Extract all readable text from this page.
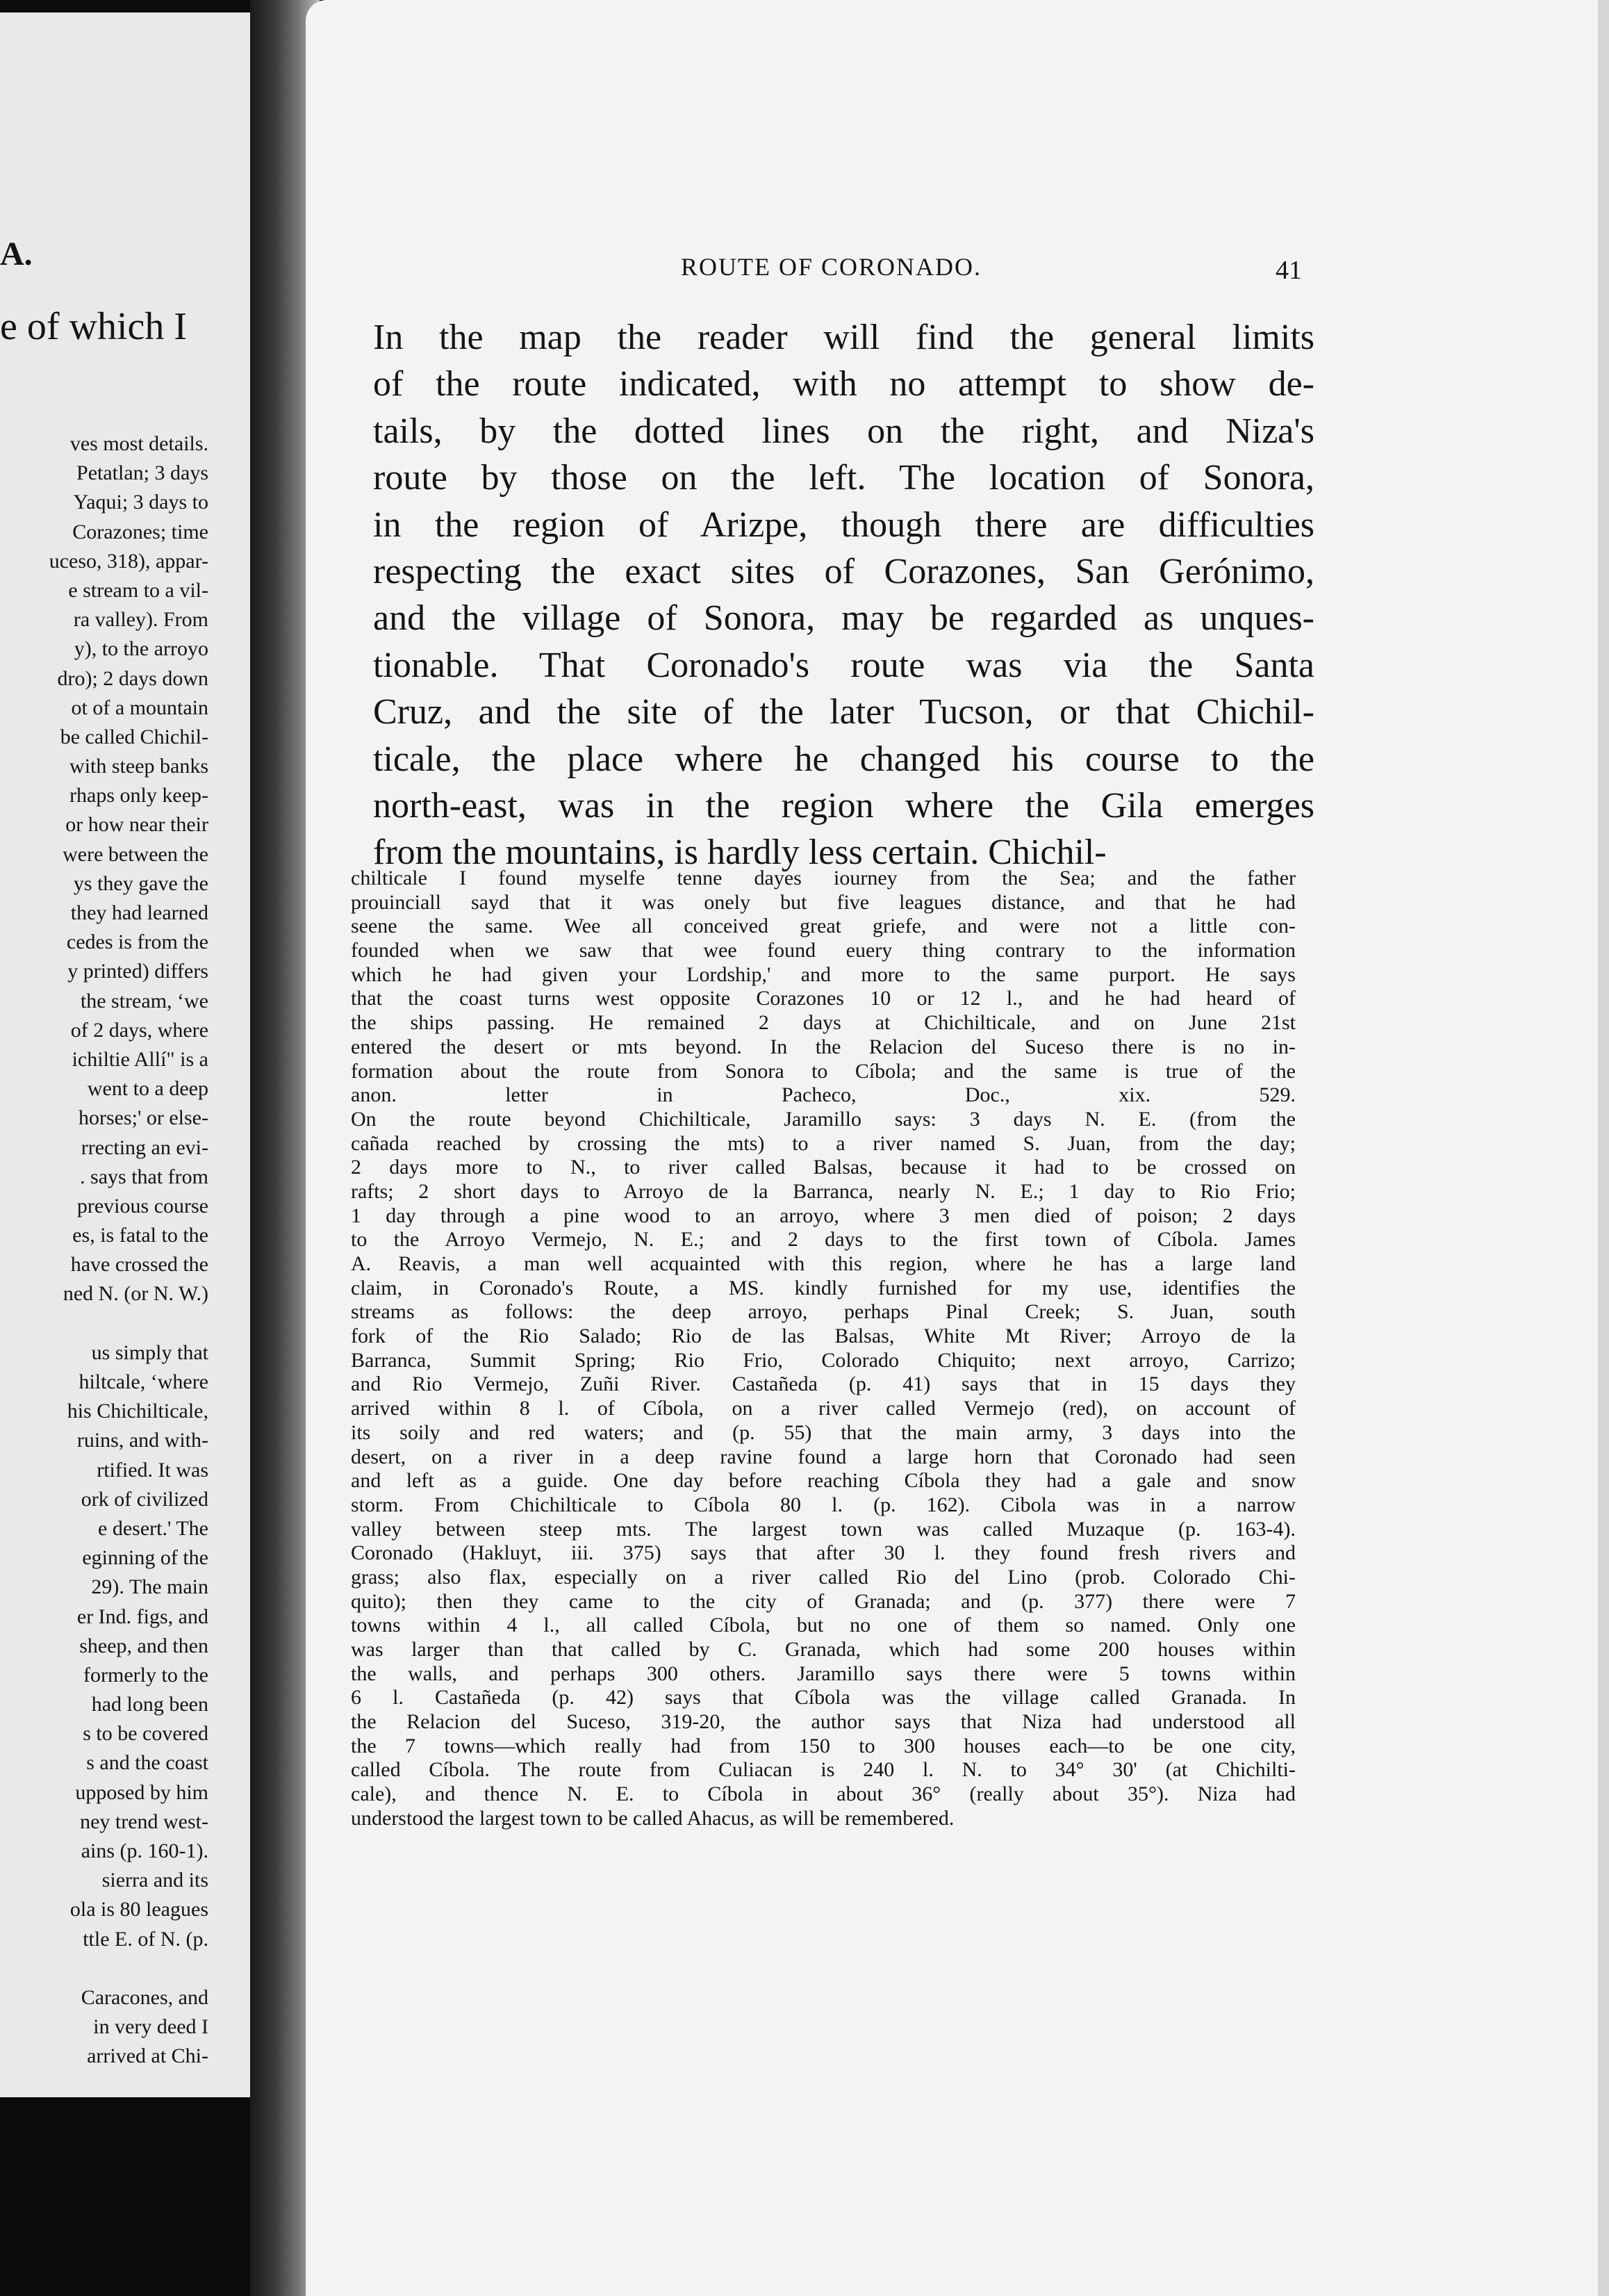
A.
e of which I
ves most details.
Petatlan; 3 days
Yaqui; 3 days to
Corazones; time
uceso, 318), appar-
e stream to a vil-
ra valley). From
y), to the arroyo
dro); 2 days down
ot of a mountain
be called Chichil-
with steep banks
rhaps only keep-
or how near their
were between the
ys they gave the
they had learned
cedes is from the
y printed) differs
the stream, ‘we
of 2 days, where
ichiltie Allí" is a
went to a deep
horses;' or else-
rrecting an evi-
. says that from
previous course
es, is fatal to the
have crossed the
ned N. (or N. W.)
us simply that
hiltcale, ‘where
his Chichilticale,
ruins, and with-
rtified. It was
ork of civilized
e desert.' The
eginning of the
29). The main
er Ind. figs, and
sheep, and then
formerly to the
had long been
s to be covered
s and the coast
upposed by him
ney trend west-
ains (p. 160-1).
sierra and its
ola is 80 leagues
ttle E. of N. (p.
Caracones, and
in very deed I
arrived at Chi-
ROUTE OF CORONADO.	41
In the map the reader will find the general limits
of the route indicated, with no attempt to show de-
tails, by the dotted lines on the right, and Niza's
route by those on the left. The location of Sonora,
in the region of Arizpe, though there are difficulties
respecting the exact sites of Corazones, San Gerónimo,
and the village of Sonora, may be regarded as unques-
tionable. That Coronado's route was via the Santa
Cruz, and the site of the later Tucson, or that Chichil-
ticale, the place where he changed his course to the
north-east, was in the region where the Gila emerges
from the mountains, is hardly less certain. Chichil-
chilticale I found myselfe tenne dayes iourney from the Sea; and the father
prouinciall sayd that it was onely but five leagues distance, and that he had
seene the same. Wee all conceived great griefe, and were not a little con-
founded when we saw that wee found euery thing contrary to the information
which he had given your Lordship,' and more to the same purport. He says
that the coast turns west opposite Corazones 10 or 12 l., and he had heard of
the ships passing. He remained 2 days at Chichilticale, and on June 21st
entered the desert or mts beyond. In the Relacion del Suceso there is no in-
formation about the route from Sonora to Cíbola; and the same is true of the
anon. letter in Pacheco, Doc., xix. 529.
On the route beyond Chichilticale, Jaramillo says: 3 days N. E. (from the
cañada reached by crossing the mts) to a river named S. Juan, from the day;
2 days more to N., to river called Balsas, because it had to be crossed on
rafts; 2 short days to Arroyo de la Barranca, nearly N. E.; 1 day to Rio Frio;
1 day through a pine wood to an arroyo, where 3 men died of poison; 2 days
to the Arroyo Vermejo, N. E.; and 2 days to the first town of Cíbola. James
A. Reavis, a man well acquainted with this region, where he has a large land
claim, in Coronado's Route, a MS. kindly furnished for my use, identifies the
streams as follows: the deep arroyo, perhaps Pinal Creek; S. Juan, south
fork of the Rio Salado; Rio de las Balsas, White Mt River; Arroyo de la
Barranca, Summit Spring; Rio Frio, Colorado Chiquito; next arroyo, Carrizo;
and Rio Vermejo, Zuñi River. Castañeda (p. 41) says that in 15 days they
arrived within 8 l. of Cíbola, on a river called Vermejo (red), on account of
its soily and red waters; and (p. 55) that the main army, 3 days into the
desert, on a river in a deep ravine found a large horn that Coronado had seen
and left as a guide. One day before reaching Cíbola they had a gale and snow
storm. From Chichilticale to Cíbola 80 l. (p. 162). Cibola was in a narrow
valley between steep mts. The largest town was called Muzaque (p. 163-4).
Coronado (Hakluyt, iii. 375) says that after 30 l. they found fresh rivers and
grass; also flax, especially on a river called Rio del Lino (prob. Colorado Chi-
quito); then they came to the city of Granada; and (p. 377) there were 7
towns within 4 l., all called Cíbola, but no one of them so named. Only one
was larger than that called by C. Granada, which had some 200 houses within
the walls, and perhaps 300 others. Jaramillo says there were 5 towns within
6 l. Castañeda (p. 42) says that Cíbola was the village called Granada. In
the Relacion del Suceso, 319-20, the author says that Niza had understood all
the 7 towns—which really had from 150 to 300 houses each—to be one city,
called Cíbola. The route from Culiacan is 240 l. N. to 34° 30' (at Chichilti-
cale), and thence N. E. to Cíbola in about 36° (really about 35°). Niza had
understood the largest town to be called Ahacus, as will be remembered.
